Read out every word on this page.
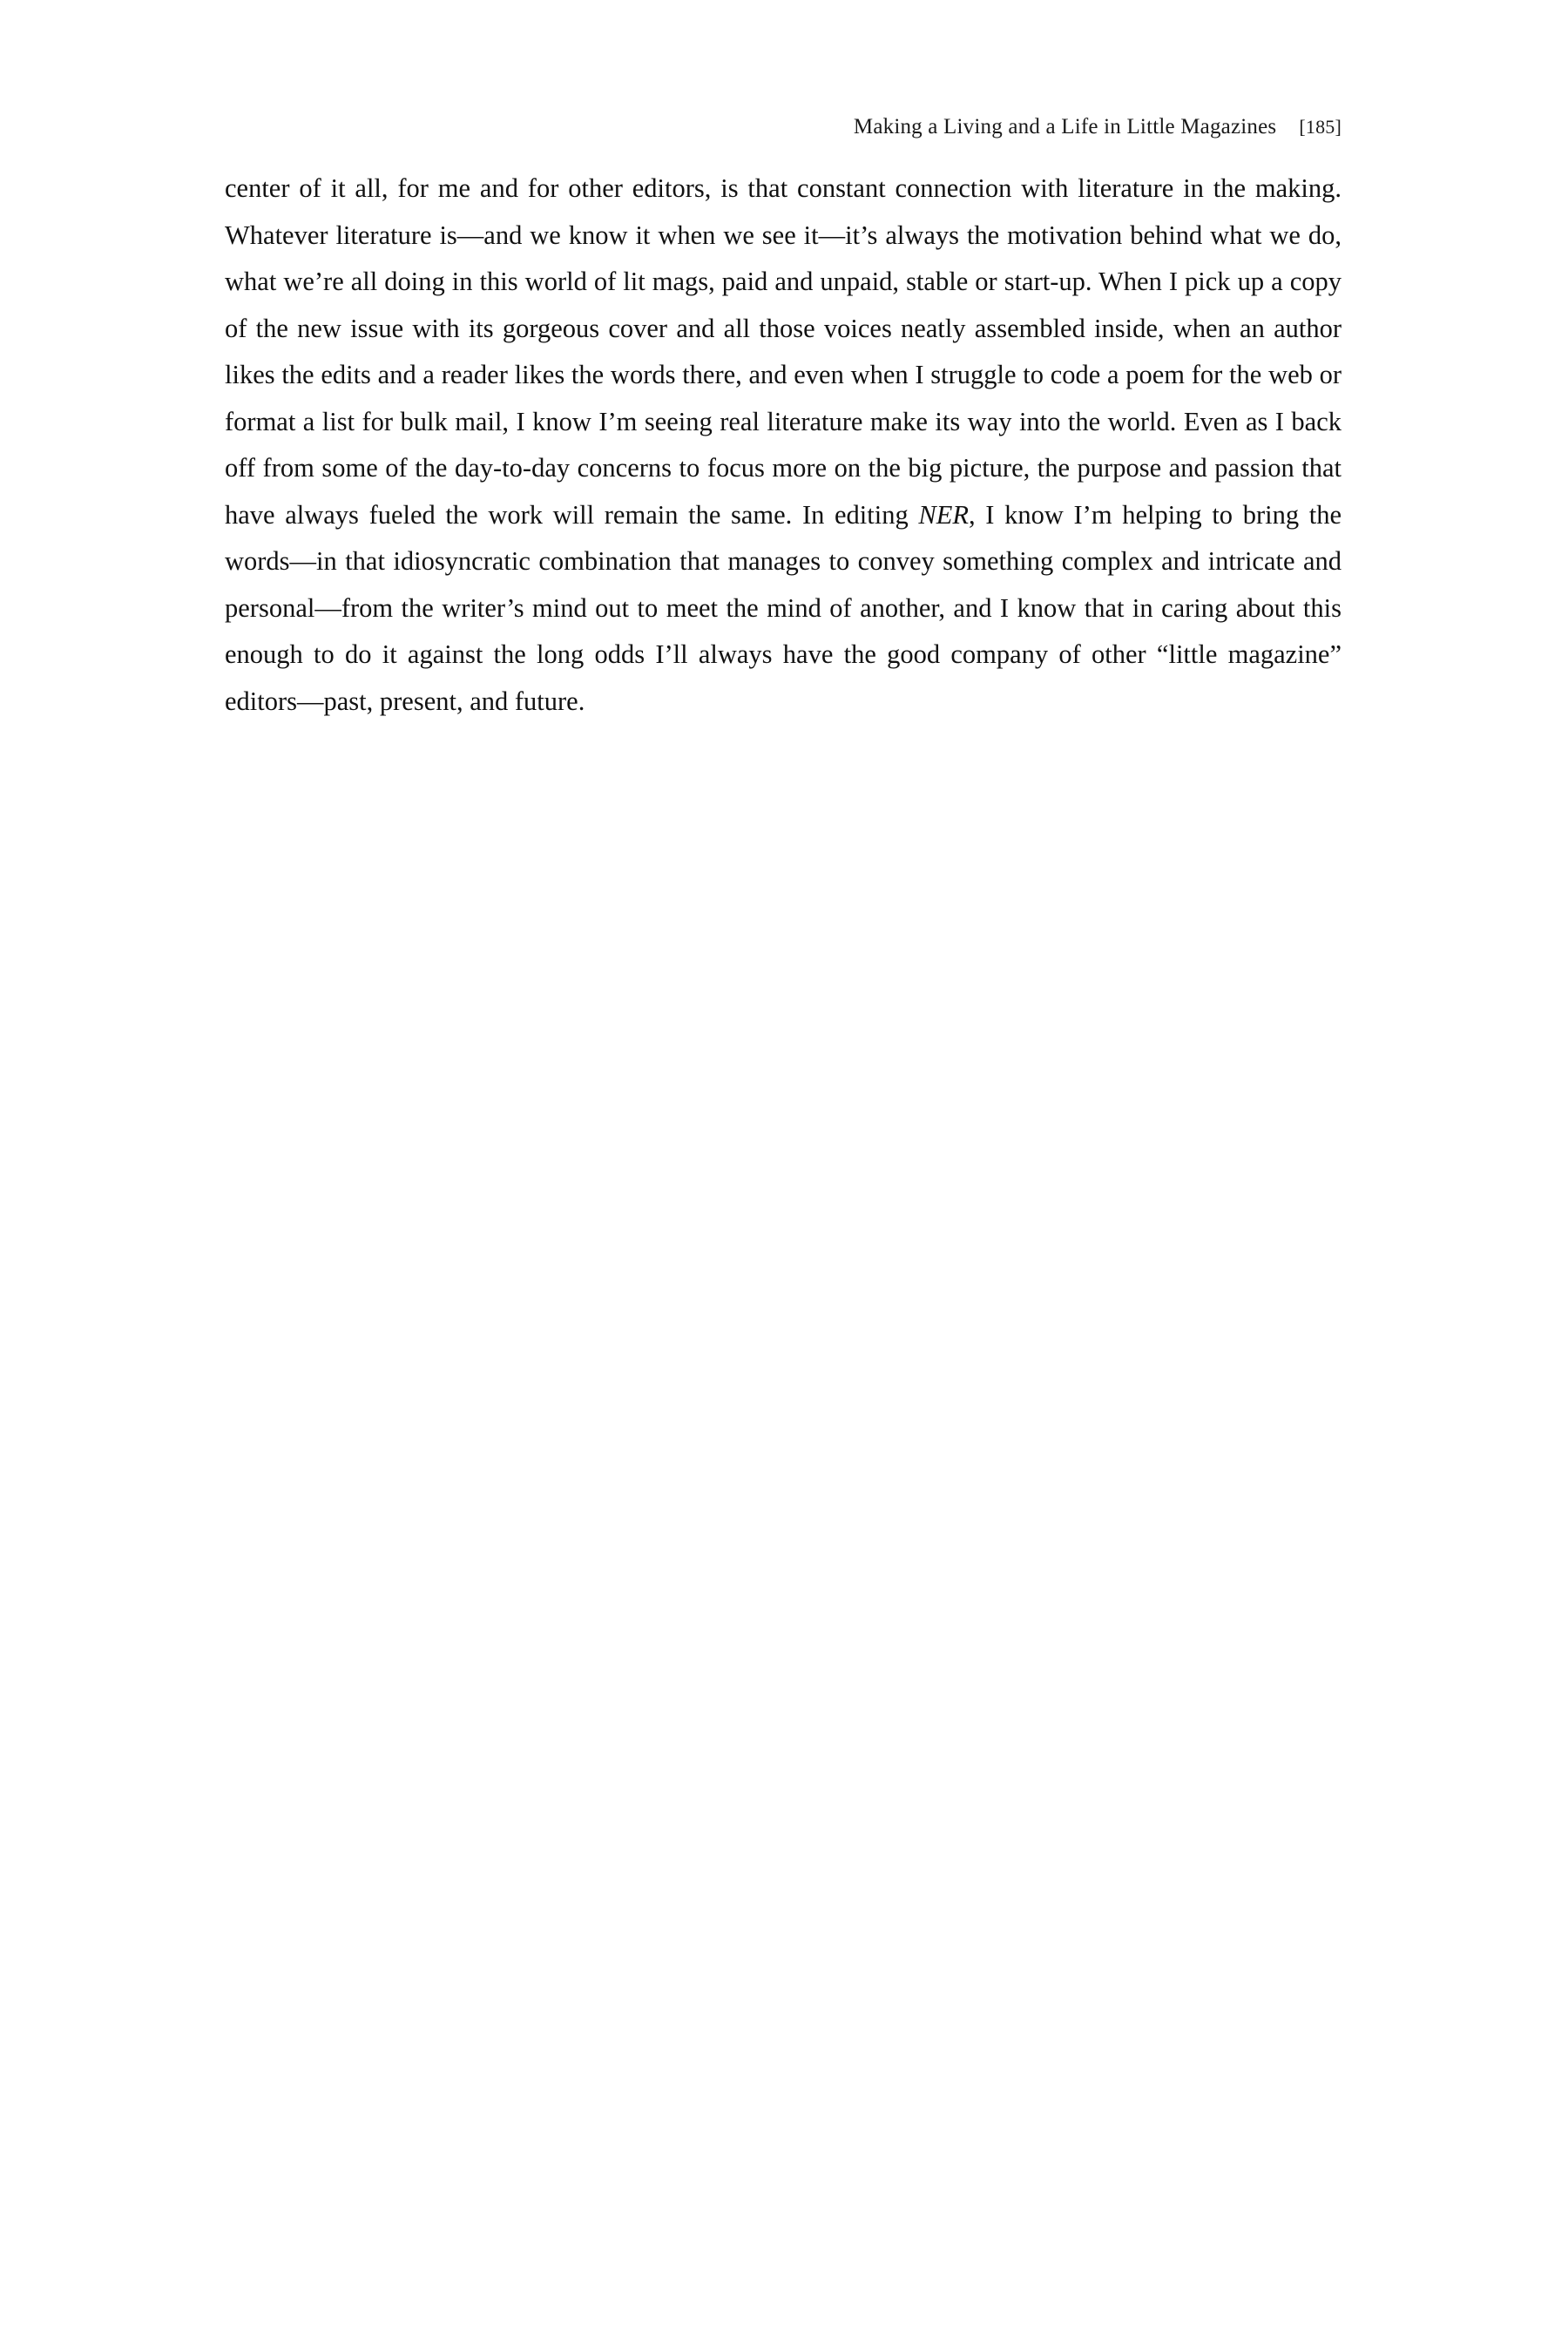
Making a Living and a Life in Little Magazines [185]

center of it all, for me and for other editors, is that constant connection with literature in the making. Whatever literature is—and we know it when we see it—it’s always the motivation behind what we do, what we’re all doing in this world of lit mags, paid and unpaid, stable or start-up. When I pick up a copy of the new issue with its gorgeous cover and all those voices neatly assembled inside, when an author likes the edits and a reader likes the words there, and even when I struggle to code a poem for the web or format a list for bulk mail, I know I’m seeing real literature make its way into the world. Even as I back off from some of the day-to-day concerns to focus more on the big picture, the purpose and passion that have always fueled the work will remain the same. In editing NER, I know I’m helping to bring the words—in that idiosyncratic combination that manages to convey something complex and intricate and personal—from the writer’s mind out to meet the mind of another, and I know that in caring about this enough to do it against the long odds I’ll always have the good company of other “little magazine” editors—past, present, and future.
